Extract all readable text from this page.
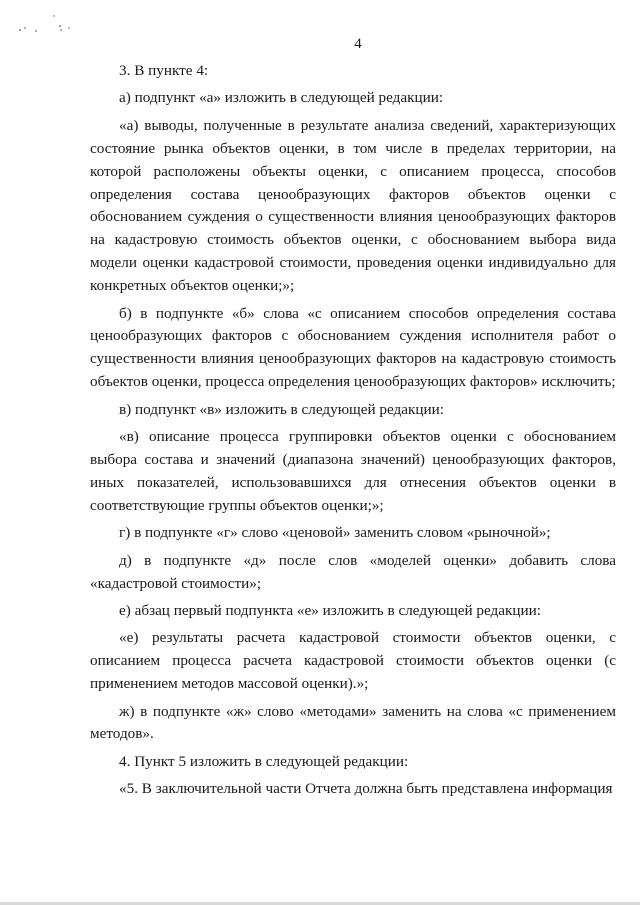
4

3. В пункте 4:

а) подпункт «а» изложить в следующей редакции:

«а) выводы, полученные в результате анализа сведений, характеризующих состояние рынка объектов оценки, в том числе в пределах территории, на которой расположены объекты оценки, с описанием процесса, способов определения состава ценообразующих факторов объектов оценки с обоснованием суждения о существенности влияния ценообразующих факторов на кадастровую стоимость объектов оценки, с обоснованием выбора вида модели оценки кадастровой стоимости, проведения оценки индивидуально для конкретных объектов оценки;»;

б) в подпункте «б» слова «с описанием способов определения состава ценообразующих факторов с обоснованием суждения исполнителя работ о существенности влияния ценообразующих факторов на кадастровую стоимость объектов оценки, процесса определения ценообразующих факторов» исключить;

в) подпункт «в» изложить в следующей редакции:

«в) описание процесса группировки объектов оценки с обоснованием выбора состава и значений (диапазона значений) ценообразующих факторов, иных показателей, использовавшихся для отнесения объектов оценки в соответствующие группы объектов оценки;»;

г) в подпункте «г» слово «ценовой» заменить словом «рыночной»;

д) в подпункте «д» после слов «моделей оценки» добавить слова «кадастровой стоимости»;

е) абзац первый подпункта «е» изложить в следующей редакции:

«е) результаты расчета кадастровой стоимости объектов оценки, с описанием процесса расчета кадастровой стоимости объектов оценки (с применением методов массовой оценки).»;

ж) в подпункте «ж» слово «методами» заменить на слова «с применением методов».

4. Пункт 5 изложить в следующей редакции:

«5. В заключительной части Отчета должна быть представлена информация
